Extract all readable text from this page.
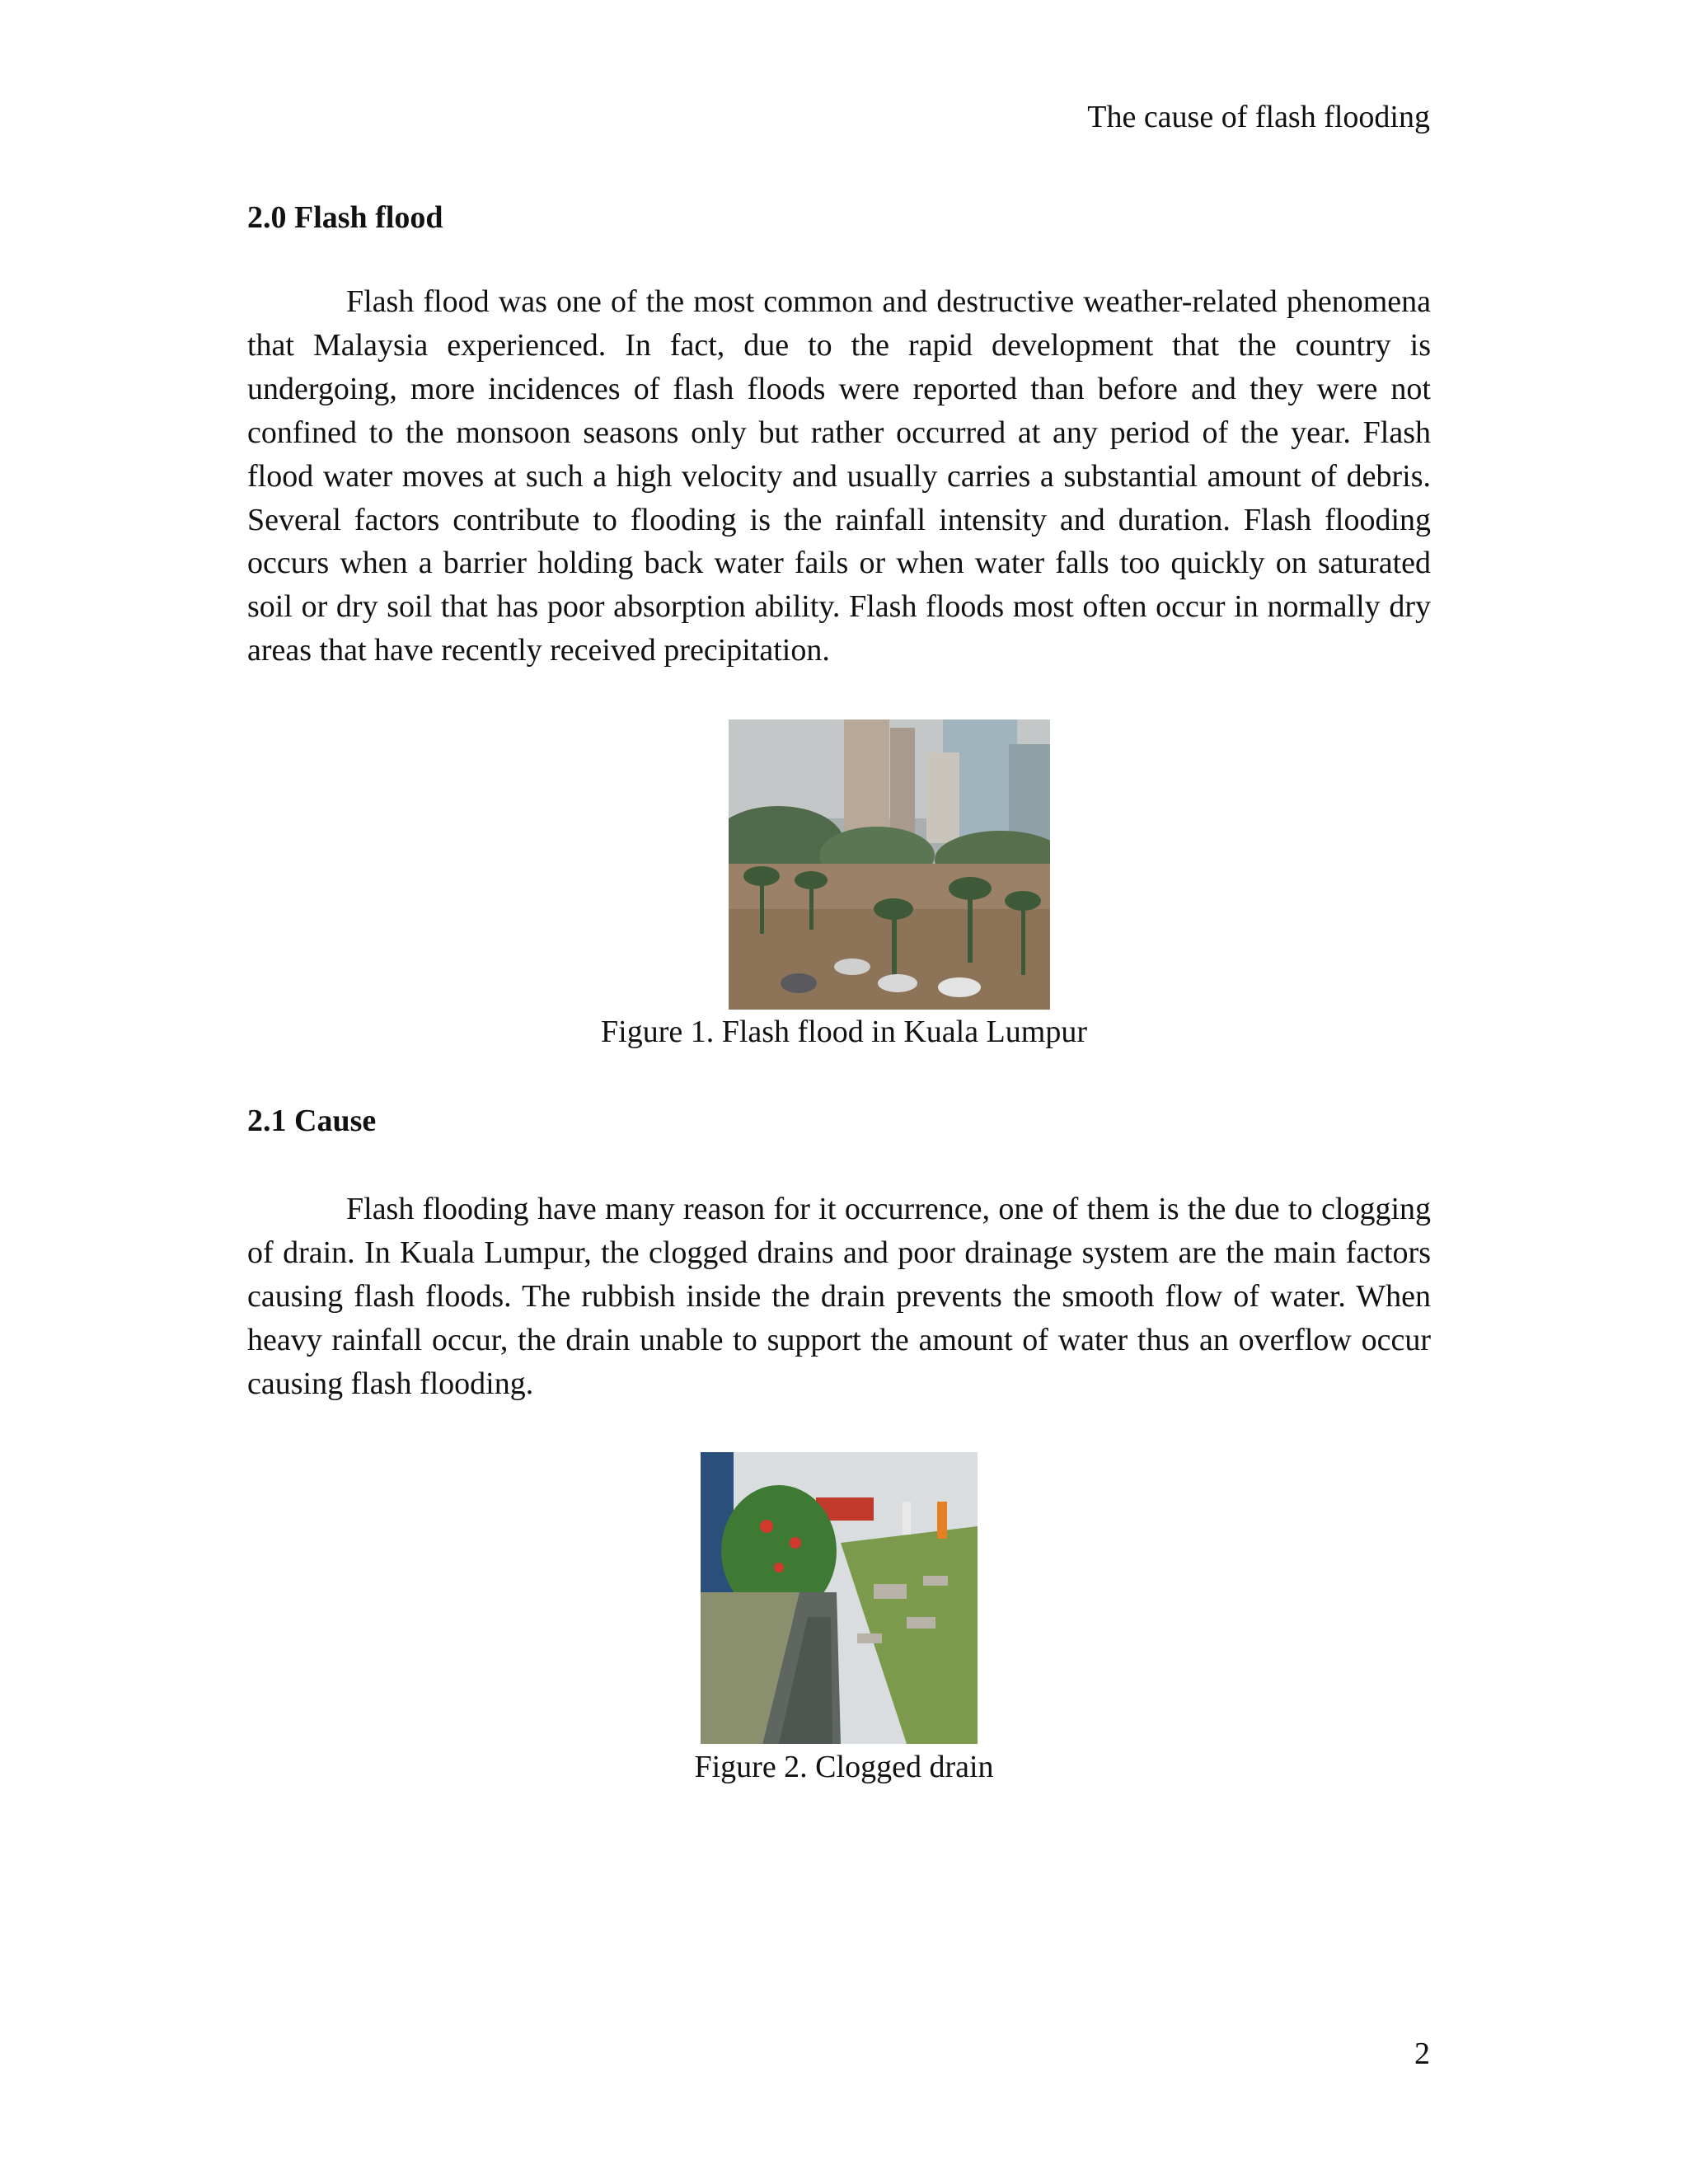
The cause of flash flooding
2.0 Flash flood

Flash flood was one of the most common and destructive weather-related phenomena that Malaysia experienced. In fact, due to the rapid development that the country is undergoing, more incidences of flash floods were reported than before and they were not confined to the monsoon seasons only but rather occurred at any period of the year. Flash flood water moves at such a high velocity and usually carries a substantial amount of debris. Several factors contribute to flooding is the rainfall intensity and duration. Flash flooding occurs when a barrier holding back water fails or when water falls too quickly on saturated soil or dry soil that has poor absorption ability. Flash floods most often occur in normally dry areas that have recently received precipitation.

Figure 1. Flash flood in Kuala Lumpur
2.1 Cause

Flash flooding have many reason for it occurrence, one of them is the due to clogging of drain. In Kuala Lumpur, the clogged drains and poor drainage system are the main factors causing flash floods. The rubbish inside the drain prevents the smooth flow of water. When heavy rainfall occur, the drain unable to support the amount of water thus an overflow occur causing flash flooding.

Figure 2. Clogged drain
2
